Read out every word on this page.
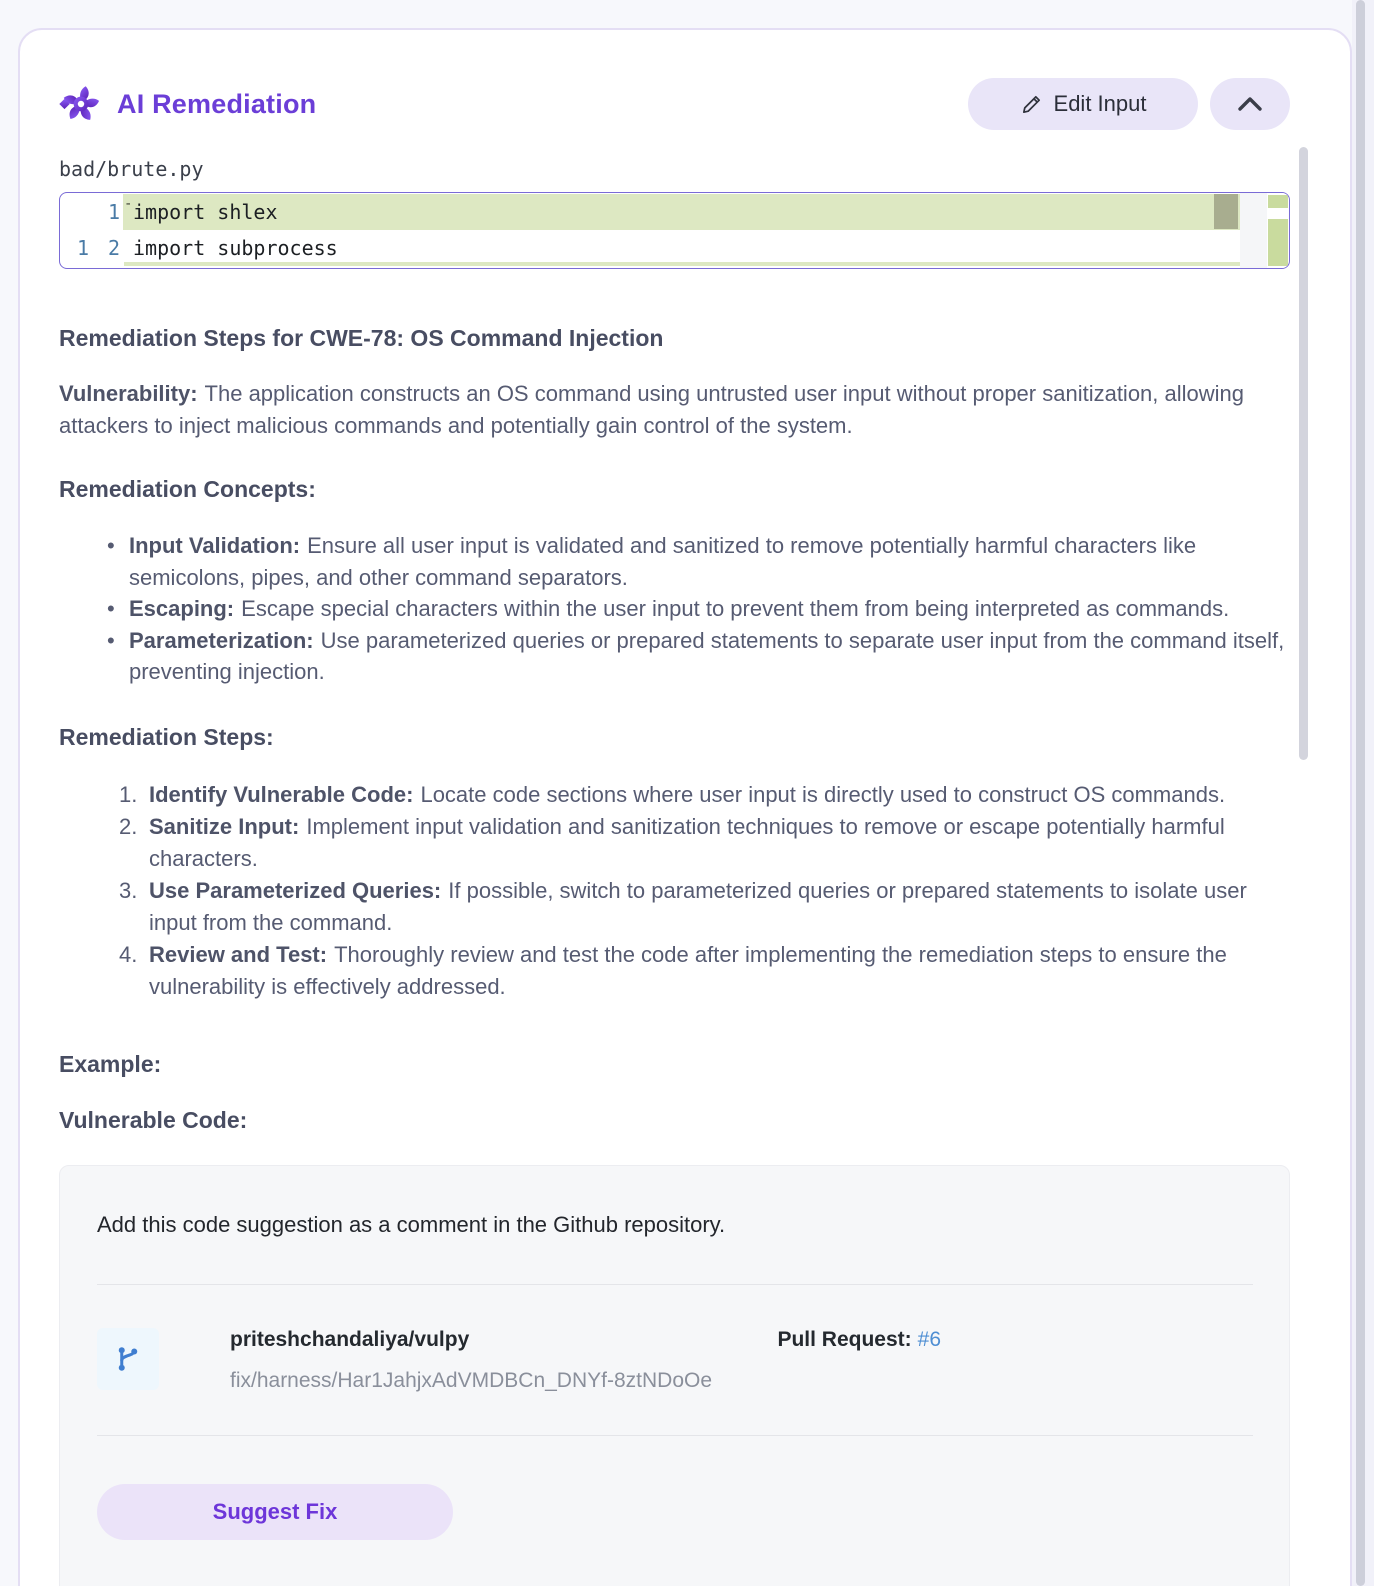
AI Remediation	Edit Input
bad/brute.py
1 - import shlex
1 2 import subprocess
Remediation Steps for CWE-78: OS Command Injection

Vulnerability: The application constructs an OS command using untrusted user input without proper sanitization, allowing attackers to inject malicious commands and potentially gain control of the system.

Remediation Concepts:
• Input Validation: Ensure all user input is validated and sanitized to remove potentially harmful characters like semicolons, pipes, and other command separators.
• Escaping: Escape special characters within the user input to prevent them from being interpreted as commands.
• Parameterization: Use parameterized queries or prepared statements to separate user input from the command itself, preventing injection.
Remediation Steps:
1. Identify Vulnerable Code: Locate code sections where user input is directly used to construct OS commands.
2. Sanitize Input: Implement input validation and sanitization techniques to remove or escape potentially harmful characters.
3. Use Parameterized Queries: If possible, switch to parameterized queries or prepared statements to isolate user input from the command.
4. Review and Test: Thoroughly review and test the code after implementing the remediation steps to ensure the vulnerability is effectively addressed.
Example:
Vulnerable Code:

Add this code suggestion as a comment in the Github repository.

priteshchandaliya/vulpy
fix/harness/Har1JahjxAdVMDBCn_DNYf-8ztNDoOe
Pull Request: #6
Suggest Fix
